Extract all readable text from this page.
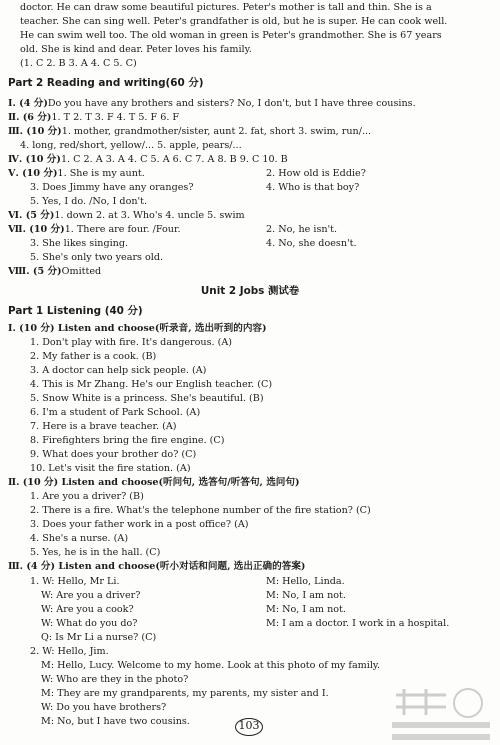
doctor. He can draw some beautiful pictures. Peter's mother is tall and thin. She is a
teacher. She can sing well. Peter's grandfather is old, but he is super. He can cook well.
He can swim well too. The old woman in green is Peter's grandmother. She is 67 years
old. She is kind and dear. Peter loves his family.
(1. C 2. B 3. A 4. C 5. C)
Part 2 Reading and writing(60 分)
Ⅰ. (4 分)Do you have any brothers and sisters? No, I don't, but I have three cousins.
Ⅱ. (6 分)1. T 2. T 3. F 4. T 5. F 6. F
Ⅲ. (10 分)1. mother, grandmother/sister, aunt 2. fat, short 3. swim, run/...
4. long, red/short, yellow/... 5. apple, pears/...
Ⅳ. (10 分)1. C 2. A 3. A 4. C 5. A 6. C 7. A 8. B 9. C 10. B
Ⅴ. (10 分)1. She is my aunt.	2. How old is Eddie?
3. Does Jimmy have any oranges?	4. Who is that boy?
5. Yes, I do. /No, I don't.
Ⅵ. (5 分)1. down 2. at 3. Who's 4. uncle 5. swim
Ⅶ. (10 分)1. There are four. /Four.	2. No, he isn't.
3. She likes singing.	4. No, she doesn't.
5. She's only two years old.
Ⅷ. (5 分)Omitted
Unit 2 Jobs 测试卷
Part 1 Listening (40 分)
Ⅰ. (10 分) Listen and choose(听录音, 选出听到的内容)
1. Don't play with fire. It's dangerous. (A)
2. My father is a cook. (B)
3. A doctor can help sick people. (A)
4. This is Mr Zhang. He's our English teacher. (C)
5. Snow White is a princess. She's beautiful. (B)
6. I'm a student of Park School. (A)
7. Here is a brave teacher. (A)
8. Firefighters bring the fire engine. (C)
9. What does your brother do? (C)
10. Let's visit the fire station. (A)
Ⅱ. (10 分) Listen and choose(听问句, 选答句/听答句, 选问句)
1. Are you a driver? (B)
2. There is a fire. What's the telephone number of the fire station? (C)
3. Does your father work in a post office? (A)
4. She's a nurse. (A)
5. Yes, he is in the hall. (C)
Ⅲ. (4 分) Listen and choose(听小对话和问题, 选出正确的答案)
1. W: Hello, Mr Li.	M: Hello, Linda.
W: Are you a driver?	M: No, I am not.
W: Are you a cook?	M: No, I am not.
W: What do you do?	M: I am a doctor. I work in a hospital.
Q: Is Mr Li a nurse? (C)
2. W: Hello, Jim.
M: Hello, Lucy. Welcome to my home. Look at this photo of my family.
W: Who are they in the photo?
M: They are my grandparents, my parents, my sister and I.
W: Do you have brothers?
M: No, but I have two cousins.	103
